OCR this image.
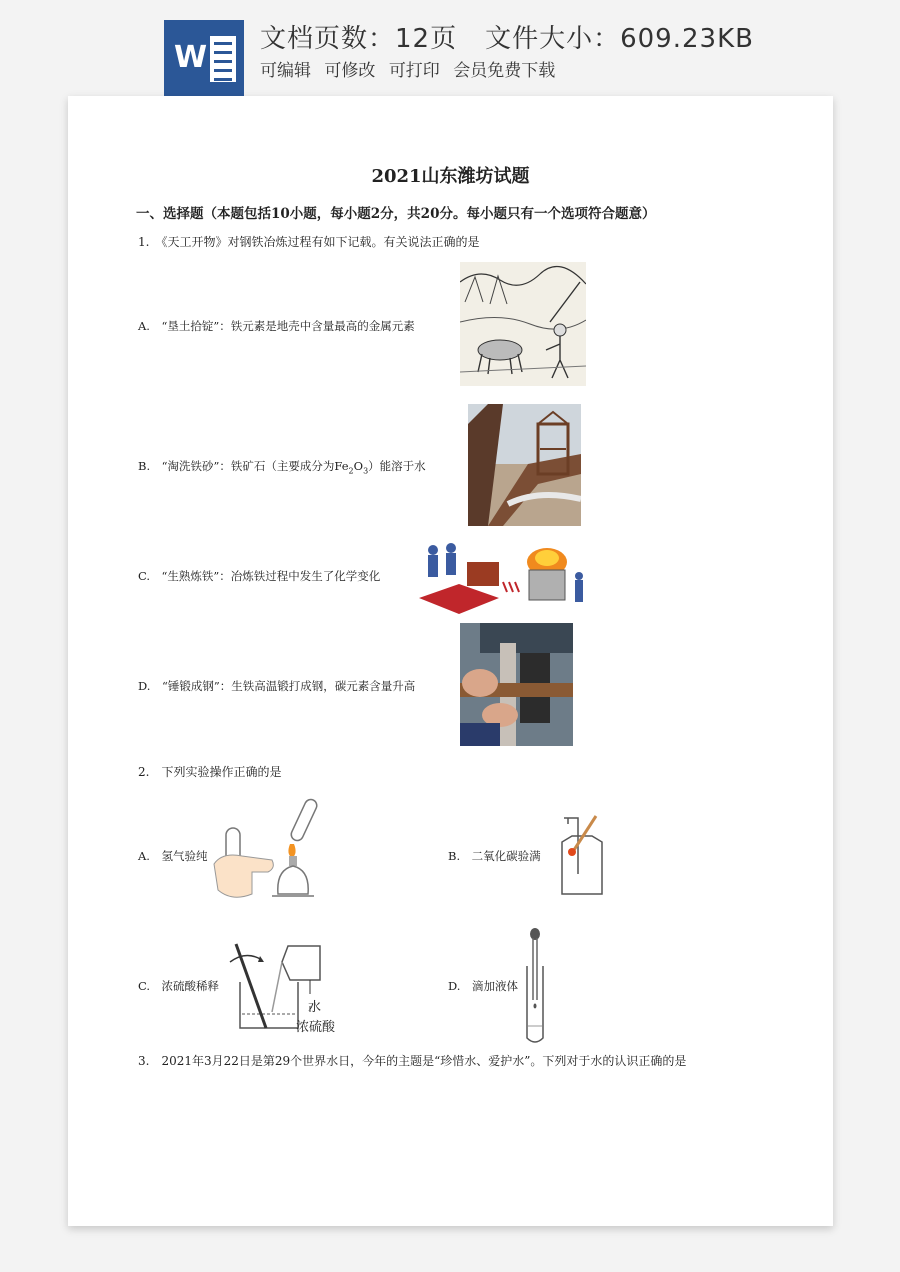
W
文档页数：12页 文件大小：609.23KB
可编辑 可修改 可打印 会员免费下载
2021山东潍坊试题
一、选择题（本题包括10小题，每小题2分，共20分。每小题只有一个选项符合题意）
1.　《天工开物》对钢铁冶炼过程有如下记载。有关说法正确的是
A.　“垦土拾锭”：铁元素是地壳中含量最高的金属元素
B.　“淘洗铁砂”：铁矿石（主要成分为$Fe_2O_3$）能溶于水
C.　“生熟炼铁”：冶炼铁过程中发生了化学变化
D.　“锤锻成钢”：生铁高温锻打成钢，碳元素含量升高
2.　下列实验操作正确的是
A.　氢气验纯	B.　二氧化碳验满
C.　浓硫酸稀释
水
浓硫酸
D.　滴加液体
3.　2021年3月22日是第29个世界水日，今年的主题是“珍惜水、爱护水”。下列对于水的认识正确的是
